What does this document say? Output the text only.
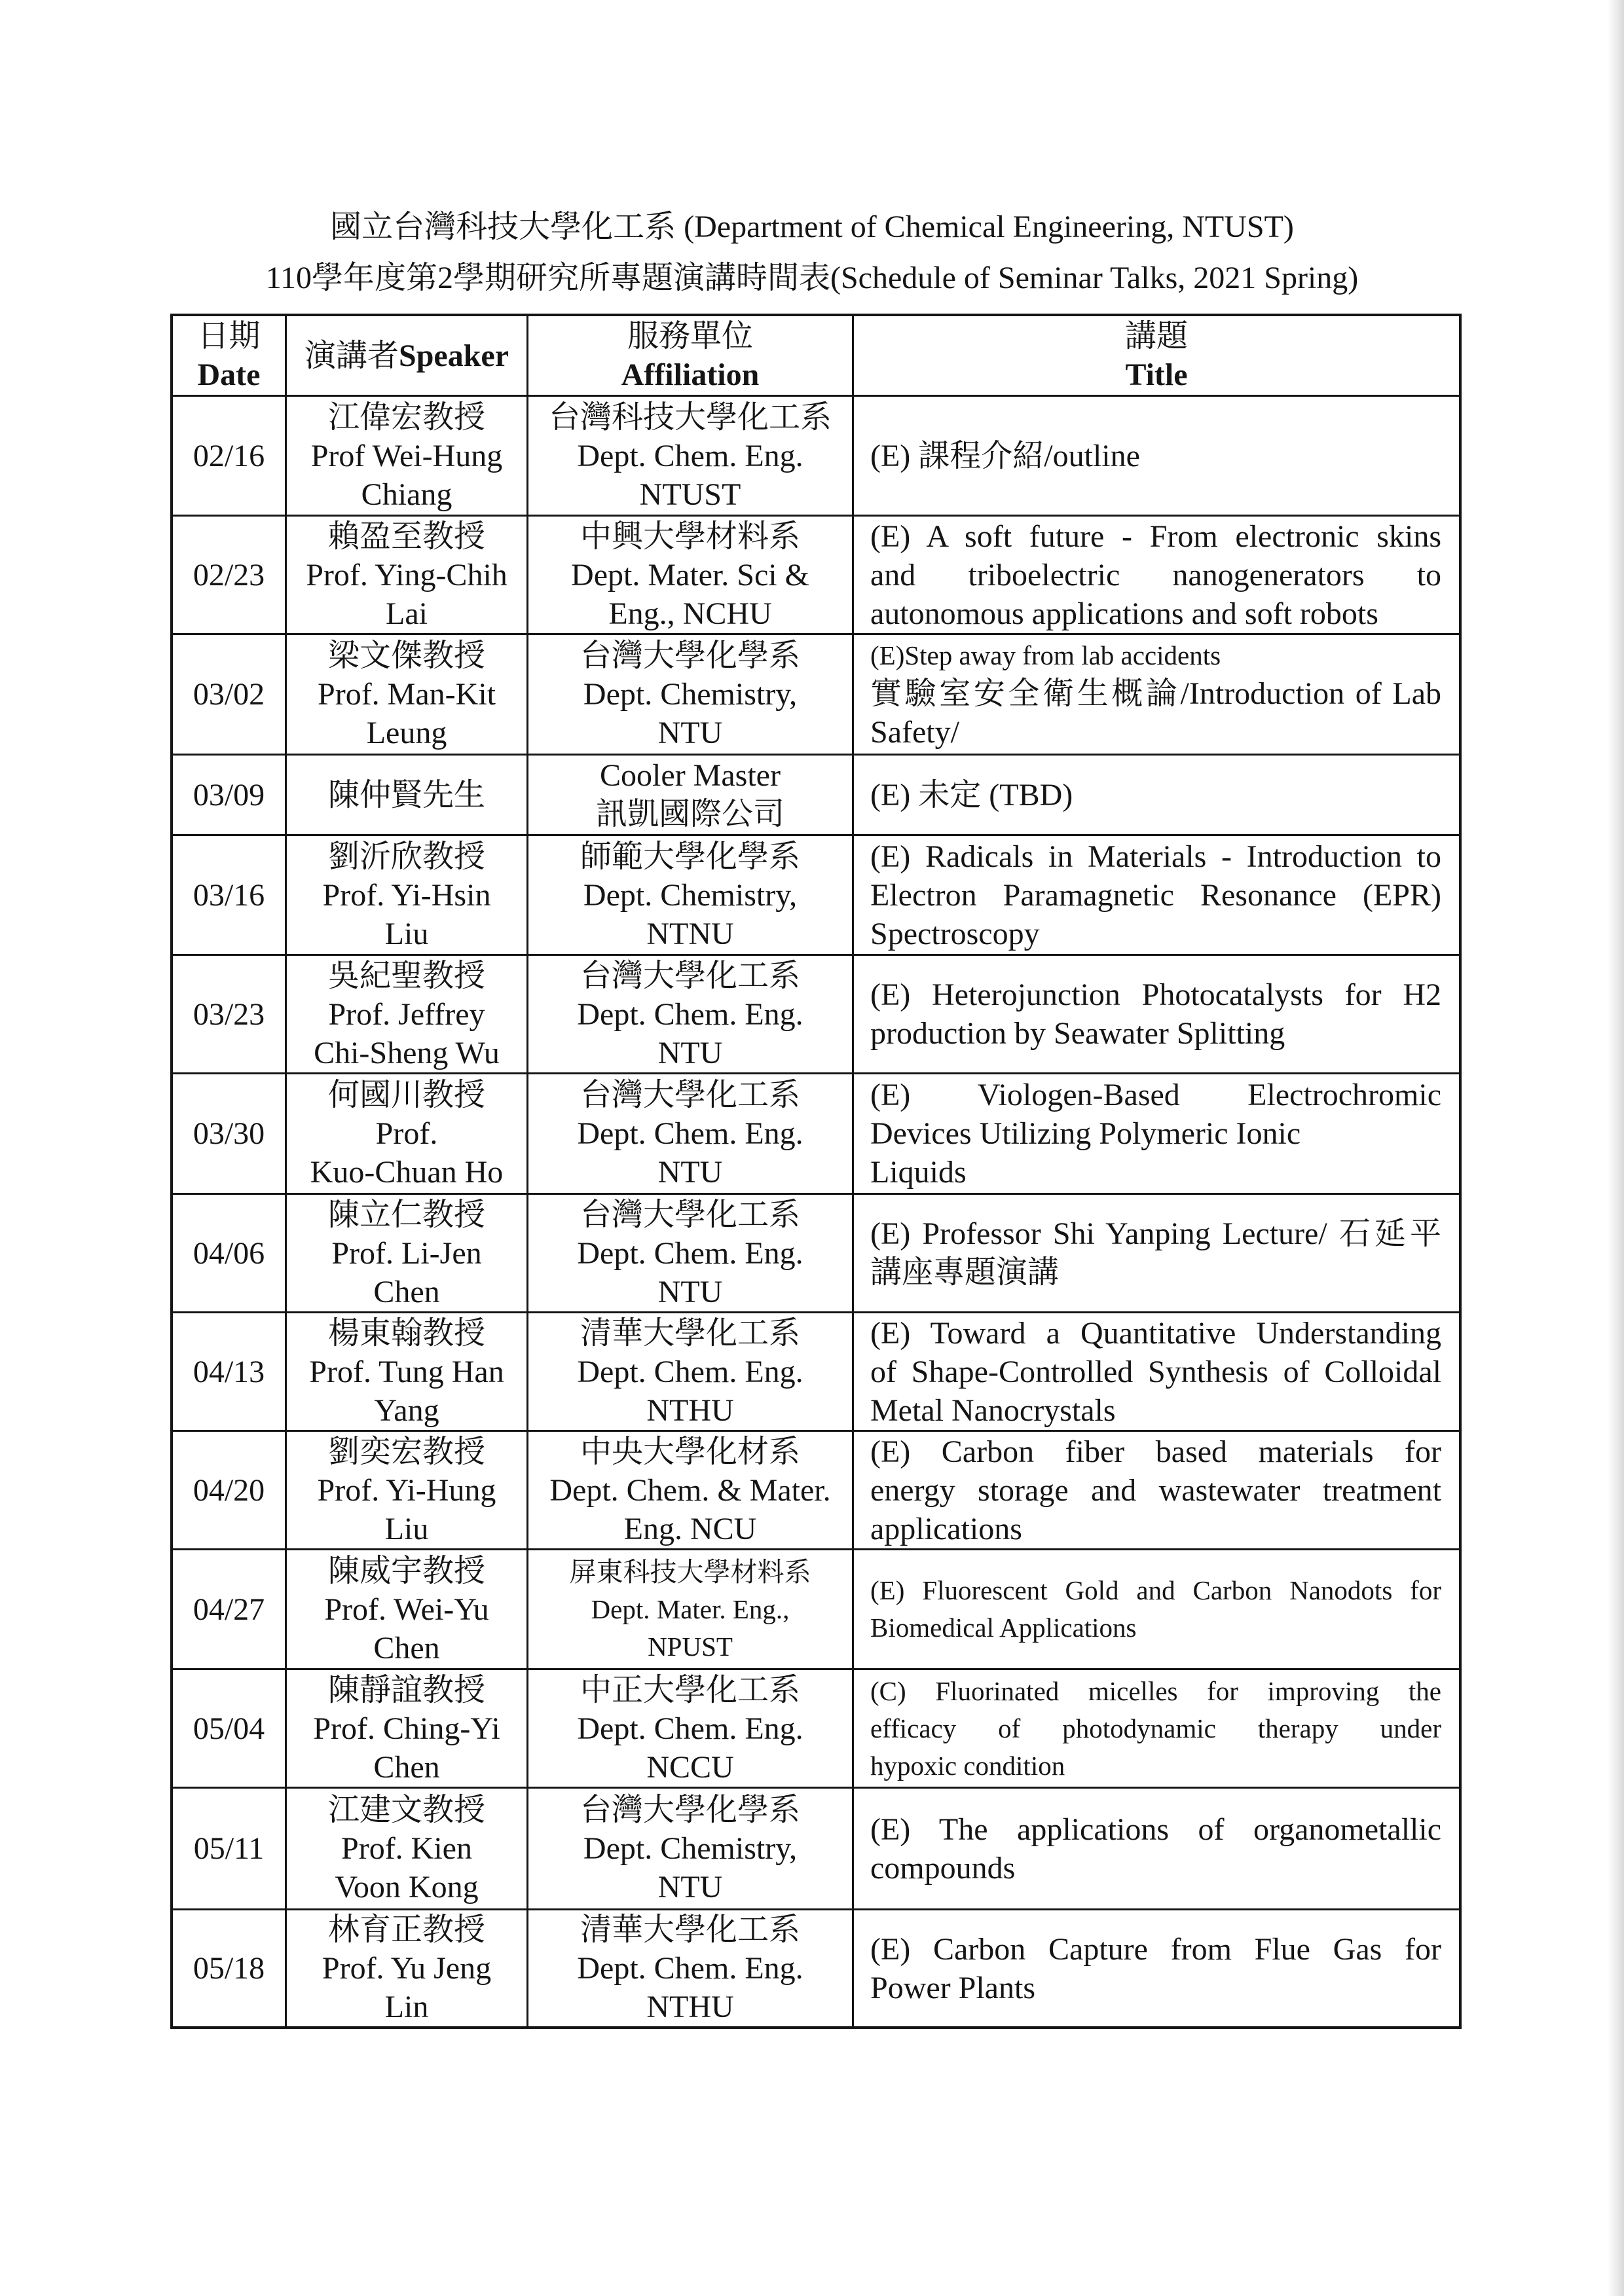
國立台灣科技大學化工系 (Department of Chemical Engineering, NTUST)
110學年度第2學期研究所專題演講時間表(Schedule of Seminar Talks, 2021 Spring)
日期
Date
演講者Speaker
服務單位
Affiliation
講題
Title
02/16
江偉宏教授
Prof Wei-Hung
Chiang
台灣科技大學化工系
Dept. Chem. Eng.
NTUST
(E) 課程介紹/outline
02/23
賴盈至教授
Prof. Ying-Chih
Lai
中興大學材料系
Dept. Mater. Sci &
Eng., NCHU
(E) A soft future - From electronic skins
and triboelectric nanogenerators to
autonomous applications and soft robots
03/02
梁文傑教授
Prof. Man-Kit
Leung
台灣大學化學系
Dept. Chemistry,
NTU
(E)Step away from lab accidents
實驗室安全衛生概論/Introduction of Lab
Safety/
03/09	陳仲賢先生
Cooler Master
訊凱國際公司
(E) 未定 (TBD)
03/16
劉沂欣教授
Prof. Yi-Hsin
Liu
師範大學化學系
Dept. Chemistry,
NTNU
(E) Radicals in Materials - Introduction to
Electron Paramagnetic Resonance (EPR)
Spectroscopy
03/23
吳紀聖教授
Prof. Jeffrey
Chi-Sheng Wu
台灣大學化工系
Dept. Chem. Eng.
NTU
(E) Heterojunction Photocatalysts for H2
production by Seawater Splitting
03/30
何國川教授
Prof.
Kuo-Chuan Ho
台灣大學化工系
Dept. Chem. Eng.
NTU
(E) Viologen-Based Electrochromic
Devices Utilizing Polymeric Ionic
Liquids
04/06
陳立仁教授
Prof. Li-Jen
Chen
台灣大學化工系
Dept. Chem. Eng.
NTU
(E) Professor Shi Yanping Lecture/ 石延平
講座專題演講
04/13
楊東翰教授
Prof. Tung Han
Yang
清華大學化工系
Dept. Chem. Eng.
NTHU
(E) Toward a Quantitative Understanding
of Shape-Controlled Synthesis of Colloidal
Metal Nanocrystals
04/20
劉奕宏教授
Prof. Yi-Hung
Liu
中央大學化材系
Dept. Chem. & Mater.
Eng. NCU
(E) Carbon fiber based materials for
energy storage and wastewater treatment
applications
04/27
陳威宇教授
Prof. Wei-Yu
Chen
屏東科技大學材料系
Dept. Mater. Eng.,
NPUST
(E) Fluorescent Gold and Carbon Nanodots for
Biomedical Applications
05/04
陳靜誼教授
Prof. Ching-Yi
Chen
中正大學化工系
Dept. Chem. Eng.
NCCU
(C) Fluorinated micelles for improving the
efficacy of photodynamic therapy under
hypoxic condition
05/11
江建文教授
Prof. Kien
Voon Kong
台灣大學化學系
Dept. Chemistry,
NTU
(E) The applications of organometallic
compounds
05/18
林育正教授
Prof. Yu Jeng
Lin
清華大學化工系
Dept. Chem. Eng.
NTHU
(E) Carbon Capture from Flue Gas for
Power Plants
